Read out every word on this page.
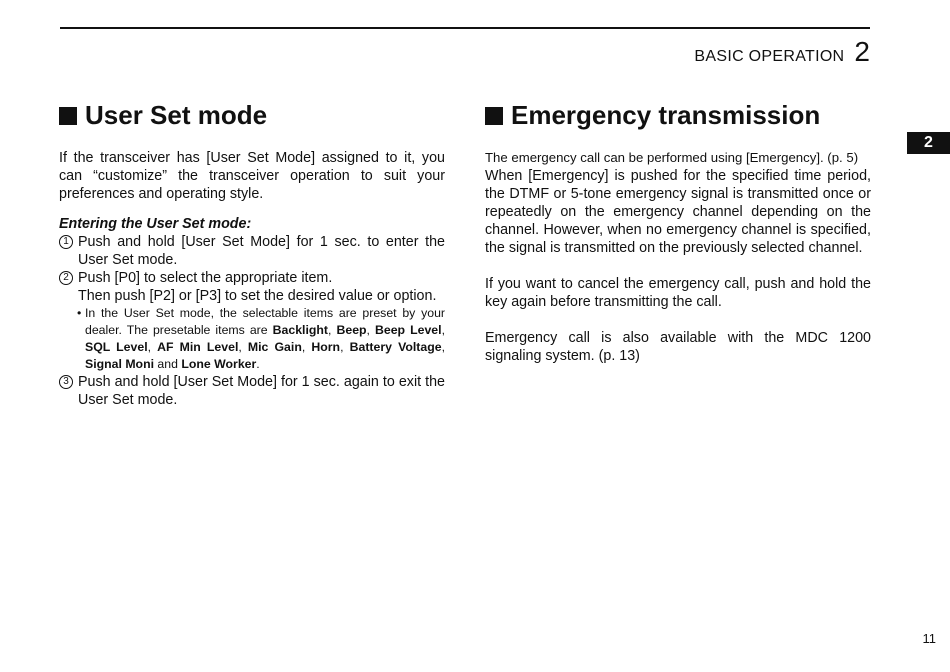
BASIC OPERATION 2
2
User Set mode

If the transceiver has [User Set Mode] assigned to it, you can “customize” the transceiver operation to suit your preferences and operating style.

Entering the User Set mode:
1 Push and hold [User Set Mode] for 1 sec. to enter the User Set mode.
2 Push [P0] to select the appropriate item.
Then push [P2] or [P3] to set the desired value or option.
• In the User Set mode, the selectable items are preset by your dealer. The presetable items are Backlight, Beep, Beep Level, SQL Level, AF Min Level, Mic Gain, Horn, Battery Voltage, Signal Moni and Lone Worker.
3 Push and hold [User Set Mode] for 1 sec. again to exit the User Set mode.
Emergency transmission

The emergency call can be performed using [Emergency]. (p. 5)

When [Emergency] is pushed for the specified time period, the DTMF or 5-tone emergency signal is transmitted once or repeatedly on the emergency channel depending on the channel. However, when no emergency channel is specified, the signal is transmitted on the previously selected channel.

If you want to cancel the emergency call, push and hold the key again before transmitting the call.

Emergency call is also available with the MDC 1200 signaling system. (p. 13)

11
